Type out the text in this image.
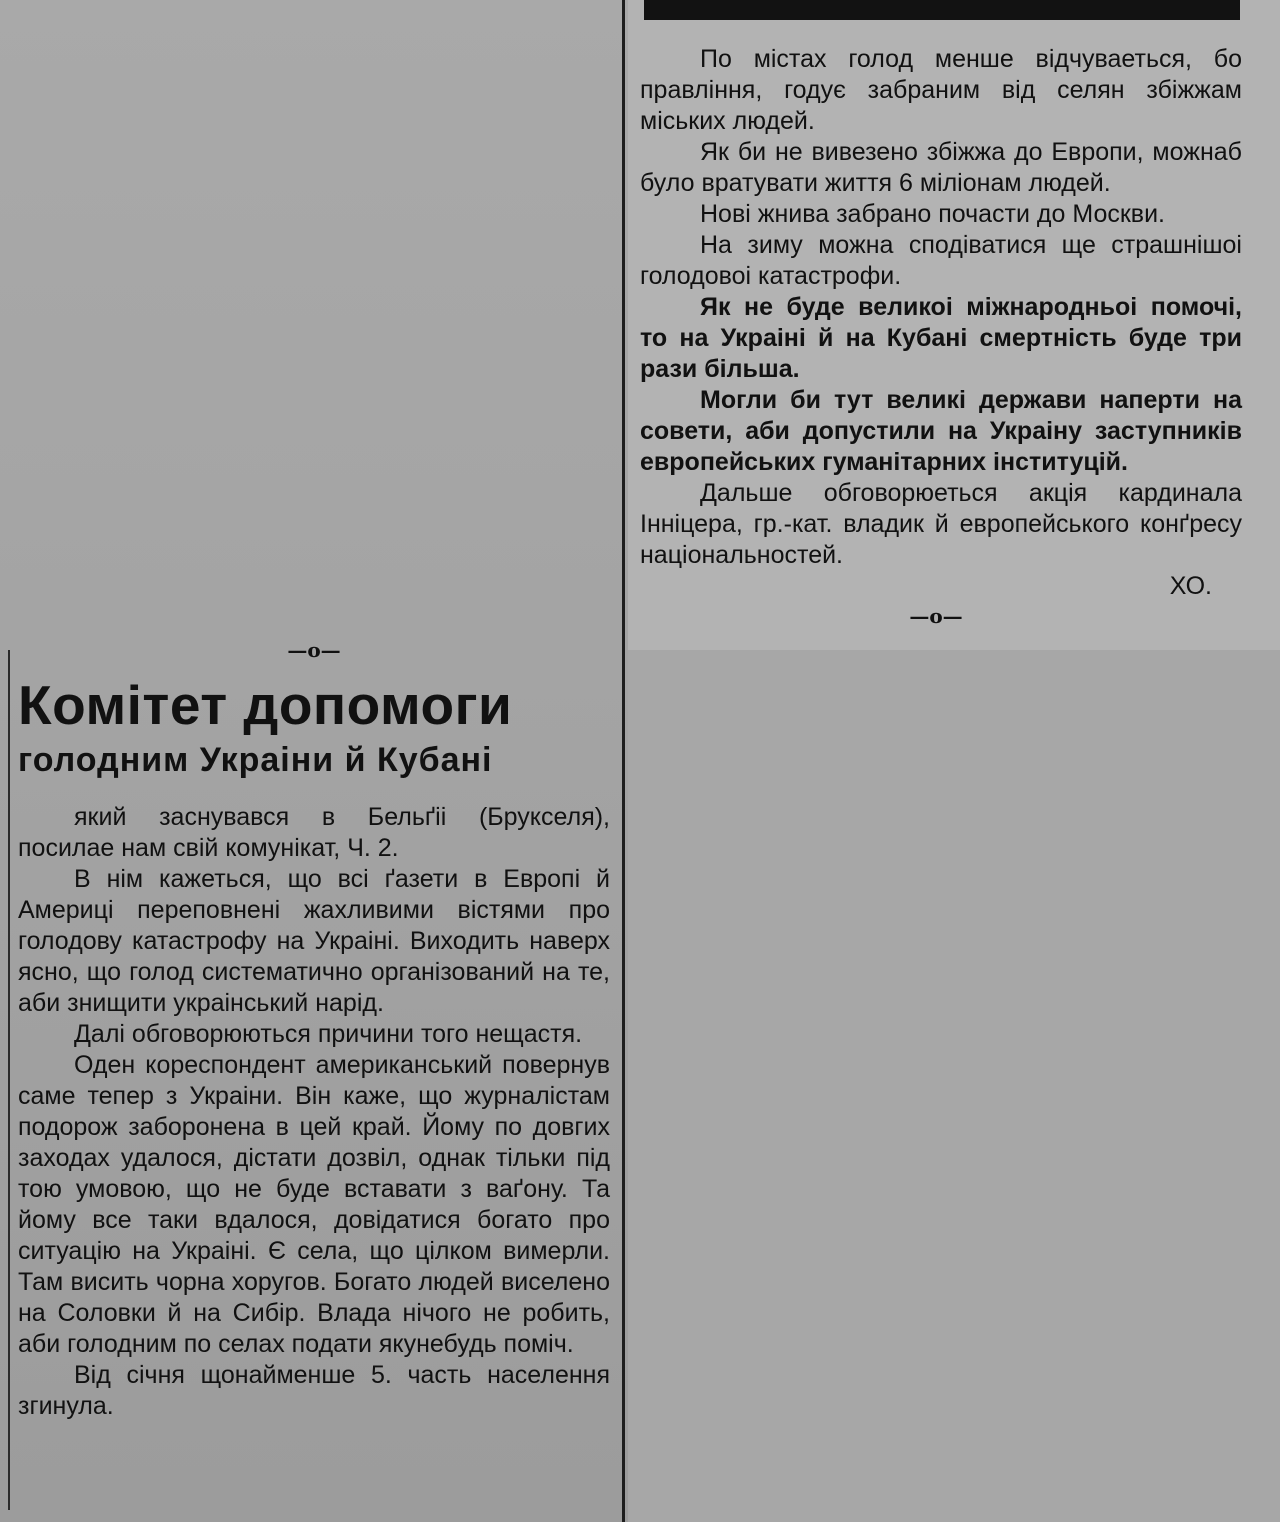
По містах голод менше відчуваеться, бо правління, годує забраним від селян збіжжам міських людей.

Як би не вивезено збіжжа до Европи, можнаб було вратувати життя 6 міліонам людей.

Нові жнива забрано почасти до Москви.

На зиму можна сподіватися ще страшнішоі голодовоі катастрофи.

Як не буде великоі міжнародньоі помочі, то на Украіні й на Кубані смертність буде три рази більша.

Могли би тут великі держави наперти на совети, аби допустили на Украіну заступників европейських гуманітарних інституцій.

Дальше обговорюеться акція кардинала Інніцера, гр.-кат. владик й европейського конґресу національностей.

ХО.

—о—

—о—

Комітет допомоги
голодним Украіни й Кубані

який заснувався в Бельґіі (Брукселя), посилае нам свій комунікат, Ч. 2.

В нім кажеться, що всі ґазети в Европі й Америці переповнені жахливими вістями про голодову катастрофу на Украіні. Виходить наверх ясно, що голод систематично організований на те, аби знищити украінський нарід.

Далі обговорюються причини того нещастя.

Оден кореспондент американський повернув саме тепер з Украіни. Він каже, що журналістам подорож заборонена в цей край. Йому по довгих заходах удалося, дістати дозвіл, однак тільки під тою умовою, що не буде вставати з ваґону. Та йому все таки вдалося, довідатися богато про ситуацію на Украіні. Є села, що цілком вимерли. Там висить чорна хоругов. Богато людей виселено на Соловки й на Сибір. Влада нічого не робить, аби голодним по селах подати якунебудь поміч.

Від січня щонайменше 5. часть населення згинула.
